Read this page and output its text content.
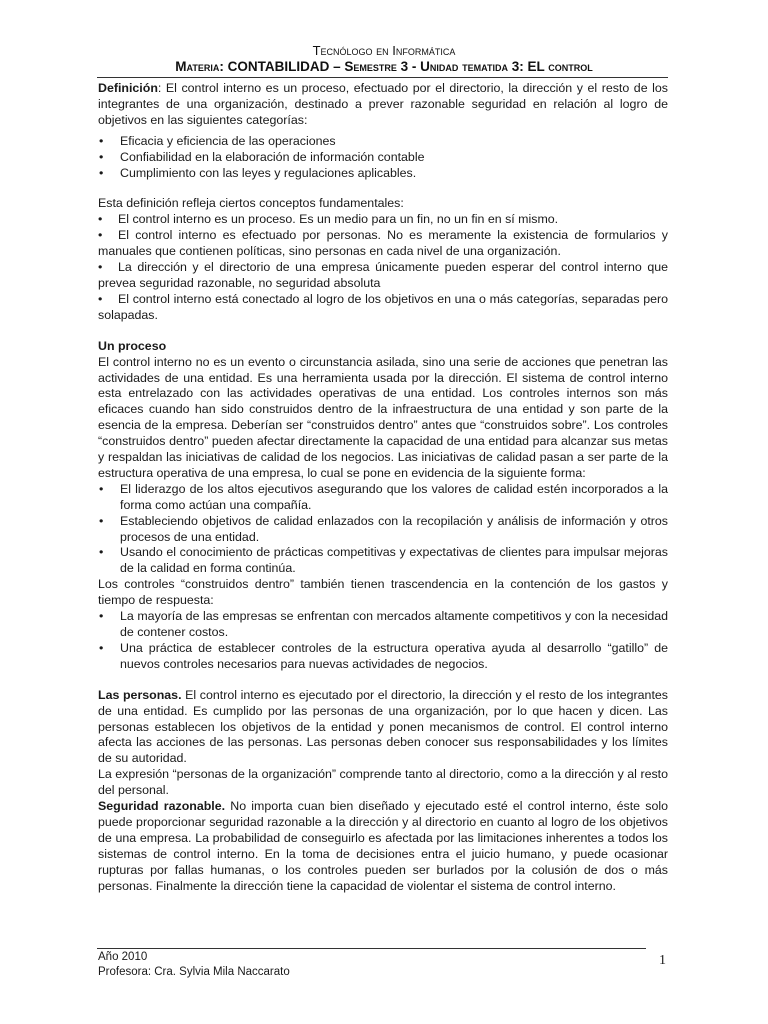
Tecnólogo en Informática
Materia: CONTABILIDAD – Semestre 3 - Unidad tematida 3: EL control

Definición: El control interno es un proceso, efectuado por el directorio, la dirección y el resto de los integrantes de una organización, destinado a prever razonable seguridad en relación al logro de objetivos en las siguientes categorías:

• Eficacia y eficiencia de las operaciones
• Confiabilidad en la elaboración de información contable
• Cumplimiento con las leyes y regulaciones aplicables.

Esta definición refleja ciertos conceptos fundamentales:

• El control interno es un proceso. Es un medio para un fin, no un fin en sí mismo.

• El control interno es efectuado por personas. No es meramente la existencia de formularios y manuales que contienen políticas, sino personas en cada nivel de una organización.

• La dirección y el directorio de una empresa únicamente pueden esperar del control interno que prevea seguridad razonable, no seguridad absoluta

• El control interno está conectado al logro de los objetivos en una o más categorías, separadas pero solapadas.

Un proceso

El control interno no es un evento o circunstancia asilada, sino una serie de acciones que penetran las actividades de una entidad. Es una herramienta usada por la dirección. El sistema de control interno esta entrelazado con las actividades operativas de una entidad. Los controles internos son más eficaces cuando han sido construidos dentro de la infraestructura de una entidad y son parte de la esencia de la empresa. Deberían ser “construidos dentro” antes que “construidos sobre”. Los controles “construidos dentro” pueden afectar directamente la capacidad de una entidad para alcanzar sus metas y respaldan las iniciativas de calidad de los negocios. Las iniciativas de calidad pasan a ser parte de la estructura operativa de una empresa, lo cual se pone en evidencia de la siguiente forma:

• El liderazgo de los altos ejecutivos asegurando que los valores de calidad estén incorporados a la forma como actúan una compañía.
• Estableciendo objetivos de calidad enlazados con la recopilación y análisis de información y otros procesos de una entidad.
• Usando el conocimiento de prácticas competitivas y expectativas de clientes para impulsar mejoras de la calidad en forma continúa.

Los controles “construidos dentro” también tienen trascendencia en la contención de los gastos y tiempo de respuesta:

• La mayoría de las empresas se enfrentan con mercados altamente competitivos y con la necesidad de contener costos.
• Una práctica de establecer controles de la estructura operativa ayuda al desarrollo “gatillo” de nuevos controles necesarios para nuevas actividades de negocios.

Las personas. El control interno es ejecutado por el directorio, la dirección y el resto de los integrantes de una entidad. Es cumplido por las personas de una organización, por lo que hacen y dicen. Las personas establecen los objetivos de la entidad y ponen mecanismos de control. El control interno afecta las acciones de las personas. Las personas deben conocer sus responsabilidades y los límites de su autoridad.

La expresión “personas de la organización” comprende tanto al directorio, como a la dirección y al resto del personal.

Seguridad razonable. No importa cuan bien diseñado y ejecutado esté el control interno, éste solo puede proporcionar seguridad razonable a la dirección y al directorio en cuanto al logro de los objetivos de una empresa. La probabilidad de conseguirlo es afectada por las limitaciones inherentes a todos los sistemas de control interno. En la toma de decisiones entra el juicio humano, y puede ocasionar rupturas por fallas humanas, o los controles pueden ser burlados por la colusión de dos o más personas. Finalmente la dirección tiene la capacidad de violentar el sistema de control interno.

Año 2010
Profesora: Cra. Sylvia Mila Naccarato
1
